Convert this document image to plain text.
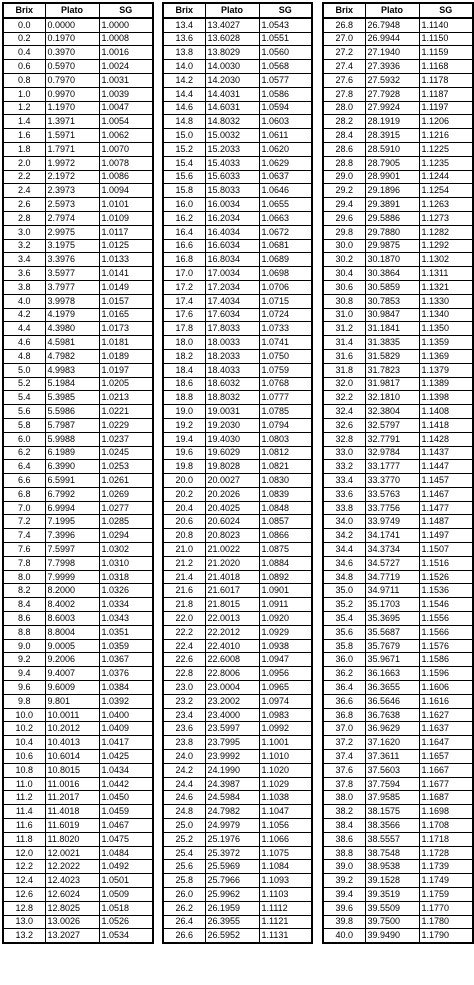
Brix	Plato	SG
0.0	0.0000	1.0000
0.2	0.1970	1.0008
0.4	0.3970	1.0016
0.6	0.5970	1.0024
0.8	0.7970	1.0031
1.0	0.9970	1.0039
1.2	1.1970	1.0047
1.4	1.3971	1.0054
1.6	1.5971	1.0062
1.8	1.7971	1.0070
2.0	1.9972	1.0078
2.2	2.1972	1.0086
2.4	2.3973	1.0094
2.6	2.5973	1.0101
2.8	2.7974	1.0109
3.0	2.9975	1.0117
3.2	3.1975	1.0125
3.4	3.3976	1.0133
3.6	3.5977	1.0141
3.8	3.7977	1.0149
4.0	3.9978	1.0157
4.2	4.1979	1.0165
4.4	4.3980	1.0173
4.6	4.5981	1.0181
4.8	4.7982	1.0189
5.0	4.9983	1.0197
5.2	5.1984	1.0205
5.4	5.3985	1.0213
5.6	5.5986	1.0221
5.8	5.7987	1.0229
6.0	5.9988	1.0237
6.2	6.1989	1.0245
6.4	6.3990	1.0253
6.6	6.5991	1.0261
6.8	6.7992	1.0269
7.0	6.9994	1.0277
7.2	7.1995	1.0285
7.4	7.3996	1.0294
7.6	7.5997	1.0302
7.8	7.7998	1.0310
8.0	7.9999	1.0318
8.2	8.2000	1.0326
8.4	8.4002	1.0334
8.6	8.6003	1.0343
8.8	8.8004	1.0351
9.0	9.0005	1.0359
9.2	9.2006	1.0367
9.4	9.4007	1.0376
9.6	9.6009	1.0384
9.8	9.801	1.0392
10.0	10.0011	1.0400
10.2	10.2012	1.0409
10.4	10.4013	1.0417
10.6	10.6014	1.0425
10.8	10.8015	1.0434
11.0	11.0016	1.0442
11.2	11.2017	1.0450
11.4	11.4018	1.0459
11.6	11.6019	1.0467
11.8	11.8020	1.0475
12.0	12.0021	1.0484
12.2	12.2022	1.0492
12.4	12.4023	1.0501
12.6	12.6024	1.0509
12.8	12.8025	1.0518
13.0	13.0026	1.0526
13.2	13.2027	1.0534
Brix	Plato	SG
13.4	13.4027	1.0543
13.6	13.6028	1.0551
13.8	13.8029	1.0560
14.0	14.0030	1.0568
14.2	14.2030	1.0577
14.4	14.4031	1.0586
14.6	14.6031	1.0594
14.8	14.8032	1.0603
15.0	15.0032	1.0611
15.2	15.2033	1.0620
15.4	15.4033	1.0629
15.6	15.6033	1.0637
15.8	15.8033	1.0646
16.0	16.0034	1.0655
16.2	16.2034	1.0663
16.4	16.4034	1.0672
16.6	16.6034	1.0681
16.8	16.8034	1.0689
17.0	17.0034	1.0698
17.2	17.2034	1.0706
17.4	17.4034	1.0715
17.6	17.6034	1.0724
17.8	17.8033	1.0733
18.0	18.0033	1.0741
18.2	18.2033	1.0750
18.4	18.4033	1.0759
18.6	18.6032	1.0768
18.8	18.8032	1.0777
19.0	19.0031	1.0785
19.2	19.2030	1.0794
19.4	19.4030	1.0803
19.6	19.6029	1.0812
19.8	19.8028	1.0821
20.0	20.0027	1.0830
20.2	20.2026	1.0839
20.4	20.4025	1.0848
20.6	20.6024	1.0857
20.8	20.8023	1.0866
21.0	21.0022	1.0875
21.2	21.2020	1.0884
21.4	21.4018	1.0892
21.6	21.6017	1.0901
21.8	21.8015	1.0911
22.0	22.0013	1.0920
22.2	22.2012	1.0929
22.4	22.4010	1.0938
22.6	22.6008	1.0947
22.8	22.8006	1.0956
23.0	23.0004	1.0965
23.2	23.2002	1.0974
23.4	23.4000	1.0983
23.6	23.5997	1.0992
23.8	23.7995	1.1001
24.0	23.9992	1.1010
24.2	24.1990	1.1020
24.4	24.3987	1.1029
24.6	24.5984	1.1038
24.8	24.7982	1.1047
25.0	24.9979	1.1056
25.2	25.1976	1.1066
25.4	25.3972	1.1075
25.6	25.5969	1.1084
25.8	25.7966	1.1093
26.0	25.9962	1.1103
26.2	26.1959	1.1112
26.4	26.3955	1.1121
26.6	26.5952	1.1131
Brix	Plato	SG
26.8	26.7948	1.1140
27.0	26.9944	1.1150
27.2	27.1940	1.1159
27.4	27.3936	1.1168
27.6	27.5932	1.1178
27.8	27.7928	1.1187
28.0	27.9924	1.1197
28.2	28.1919	1.1206
28.4	28.3915	1.1216
28.6	28.5910	1.1225
28.8	28.7905	1.1235
29.0	28.9901	1.1244
29.2	29.1896	1.1254
29.4	29.3891	1.1263
29.6	29.5886	1.1273
29.8	29.7880	1.1282
30.0	29.9875	1.1292
30.2	30.1870	1.1302
30.4	30.3864	1.1311
30.6	30.5859	1.1321
30.8	30.7853	1.1330
31.0	30.9847	1.1340
31.2	31.1841	1.1350
31.4	31.3835	1.1359
31.6	31.5829	1.1369
31.8	31.7823	1.1379
32.0	31.9817	1.1389
32.2	32.1810	1.1398
32.4	32.3804	1.1408
32.6	32.5797	1.1418
32.8	32.7791	1.1428
33.0	32.9784	1.1437
33.2	33.1777	1.1447
33.4	33.3770	1.1457
33.6	33.5763	1.1467
33.8	33.7756	1.1477
34.0	33.9749	1.1487
34.2	34.1741	1.1497
34.4	34.3734	1.1507
34.6	34.5727	1.1516
34.8	34.7719	1.1526
35.0	34.9711	1.1536
35.2	35.1703	1.1546
35.4	35.3695	1.1556
35.6	35.5687	1.1566
35.8	35.7679	1.1576
36.0	35.9671	1.1586
36.2	36.1663	1.1596
36.4	36.3655	1.1606
36.6	36.5646	1.1616
36.8	36.7638	1.1627
37.0	36.9629	1.1637
37.2	37.1620	1.1647
37.4	37.3611	1.1657
37.6	37.5603	1.1667
37.8	37.7594	1.1677
38.0	37.9585	1.1687
38.2	38.1575	1.1698
38.4	38.3566	1.1708
38.6	38.5557	1.1718
38.8	38.7548	1.1728
39.0	38.9538	1.1739
39.2	39.1528	1.1749
39.4	39.3519	1.1759
39.6	39.5509	1.1770
39.8	39.7500	1.1780
40.0	39.9490	1.1790
